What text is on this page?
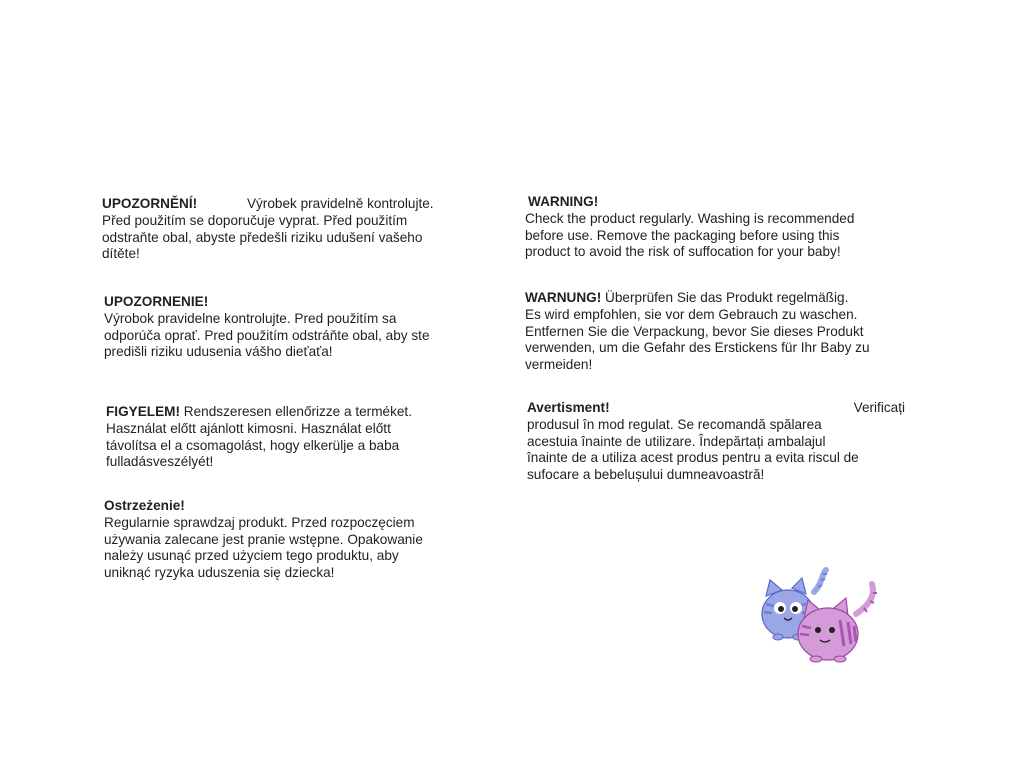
UPOZORNĚNÍ!	Výrobek pravidelně kontrolujte.
Před použitím se doporučuje vyprat. Před použitím
odstraňte obal, abyste předešli riziku udušení vašeho
dítěte!
UPOZORNENIE!
Výrobok pravidelne kontrolujte. Pred použitím sa
odporúča oprať. Pred použitím odstráňte obal, aby ste
predišli riziku udusenia vášho dieťaťa!
FIGYELEM! Rendszeresen ellenőrizze a terméket.
Használat előtt ajánlott kimosni. Használat előtt
távolítsa el a csomagolást, hogy elkerülje a baba
fulladásveszélyét!
Ostrzeżenie!
Regularnie sprawdzaj produkt. Przed rozpoczęciem
używania zalecane jest pranie wstępne. Opakowanie
należy usunąć przed użyciem tego produktu, aby
uniknąć ryzyka uduszenia się dziecka!
WARNING!
Check the product regularly. Washing is recommended
before use. Remove the packaging before using this
product to avoid the risk of suffocation for your baby!
WARNUNG! Überprüfen Sie das Produkt regelmäßig.
Es wird empfohlen, sie vor dem Gebrauch zu waschen.
Entfernen Sie die Verpackung, bevor Sie dieses Produkt
verwenden, um die Gefahr des Erstickens für Ihr Baby zu
vermeiden!
Avertisment!	Verificați
produsul în mod regulat. Se recomandă spălarea
acestuia înainte de utilizare. Îndepărtați ambalajul
înainte de a utiliza acest produs pentru a evita riscul de
sufocare a bebelușului dumneavoastră!
